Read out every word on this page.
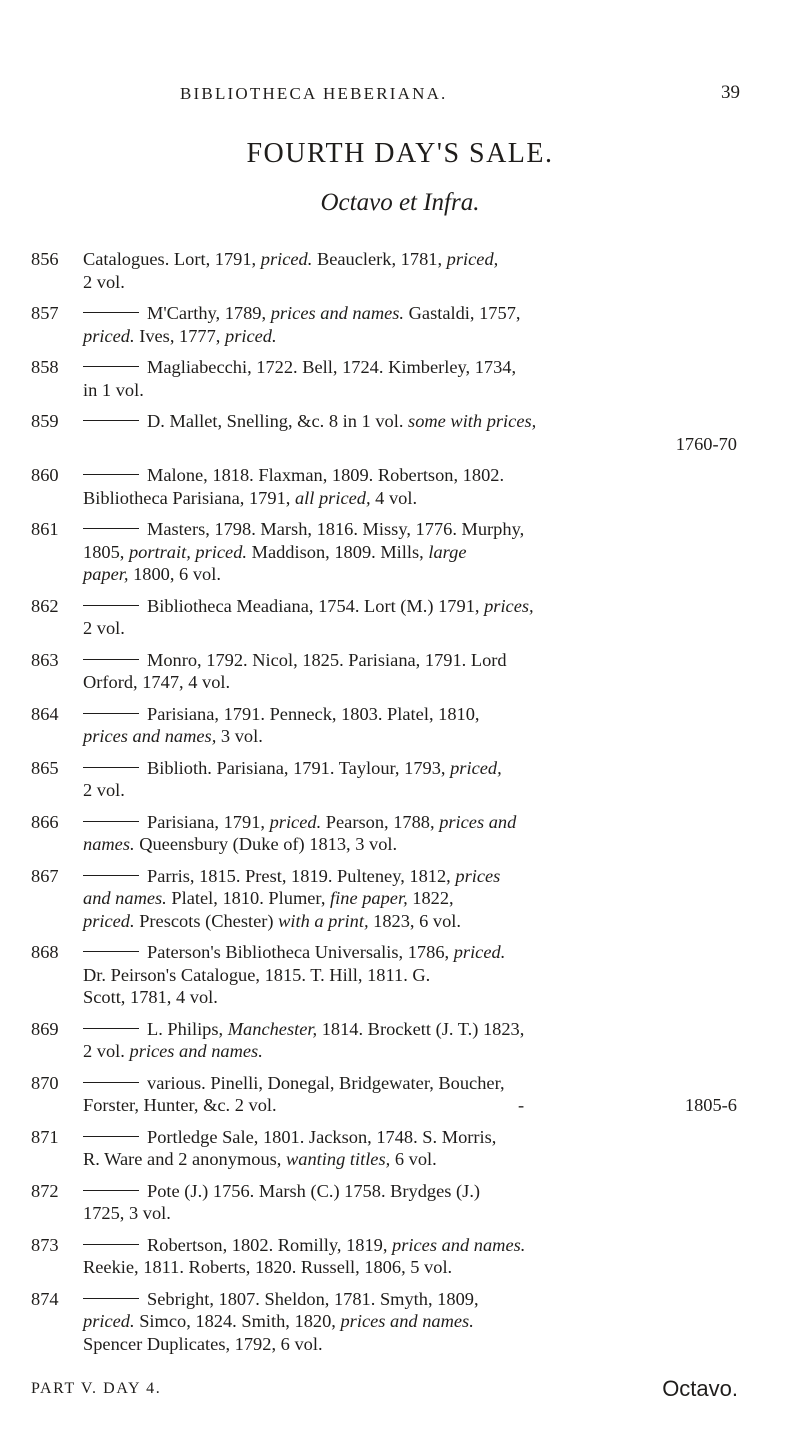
BIBLIOTHECA HEBERIANA.	39
FOURTH DAY'S SALE.
Octavo et Infra.
856	Catalogues. Lort, 1791, priced. Beauclerk, 1781, priced,
2 vol.
857	M'Carthy, 1789, prices and names. Gastaldi, 1757,
priced. Ives, 1777, priced.
858	Magliabecchi, 1722. Bell, 1724. Kimberley, 1734,
in 1 vol.
859	D. Mallet, Snelling, &c. 8 in 1 vol. some with prices,
1760-70
860	Malone, 1818. Flaxman, 1809. Robertson, 1802.
Bibliotheca Parisiana, 1791, all priced, 4 vol.
861	Masters, 1798. Marsh, 1816. Missy, 1776. Murphy,
1805, portrait, priced. Maddison, 1809. Mills, large
paper, 1800, 6 vol.
862	Bibliotheca Meadiana, 1754. Lort (M.) 1791, prices,
2 vol.
863	Monro, 1792. Nicol, 1825. Parisiana, 1791. Lord
Orford, 1747, 4 vol.
864	Parisiana, 1791. Penneck, 1803. Platel, 1810,
prices and names, 3 vol.
865	Biblioth. Parisiana, 1791. Taylour, 1793, priced,
2 vol.
866	Parisiana, 1791, priced. Pearson, 1788, prices and
names. Queensbury (Duke of) 1813, 3 vol.
867	Parris, 1815. Prest, 1819. Pulteney, 1812, prices
and names. Platel, 1810. Plumer, fine paper, 1822,
priced. Prescots (Chester) with a print, 1823, 6 vol.
868	Paterson's Bibliotheca Universalis, 1786, priced.
Dr. Peirson's Catalogue, 1815. T. Hill, 1811. G.
Scott, 1781, 4 vol.
869	L. Philips, Manchester, 1814. Brockett (J. T.) 1823,
2 vol. prices and names.
870	various. Pinelli, Donegal, Bridgewater, Boucher,
Forster, Hunter, &c. 2 vol.	-	1805-6
871	Portledge Sale, 1801. Jackson, 1748. S. Morris,
R. Ware and 2 anonymous, wanting titles, 6 vol.
872	Pote (J.) 1756. Marsh (C.) 1758. Brydges (J.)
1725, 3 vol.
873	Robertson, 1802. Romilly, 1819, prices and names.
Reekie, 1811. Roberts, 1820. Russell, 1806, 5 vol.
874	Sebright, 1807. Sheldon, 1781. Smyth, 1809,
priced. Simco, 1824. Smith, 1820, prices and names.
Spencer Duplicates, 1792, 6 vol.
PART V. DAY 4.	Octavo.
